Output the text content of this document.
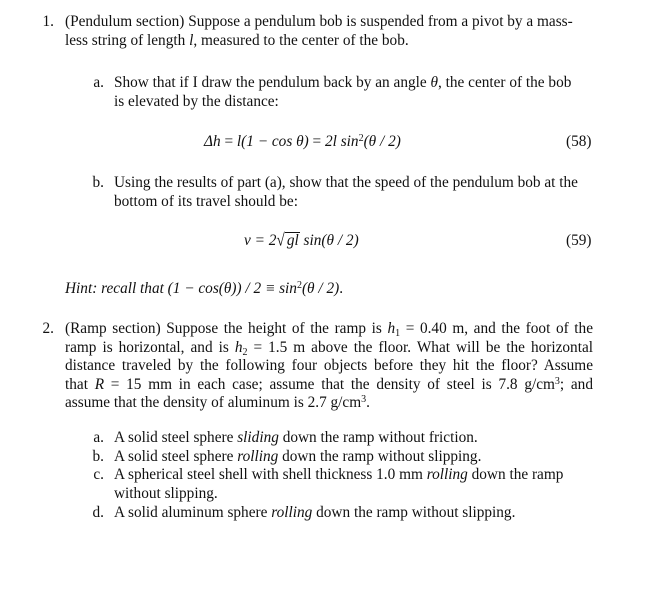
1. (Pendulum section) Suppose a pendulum bob is suspended from a pivot by a mass-
less string of length l, measured to the center of the bob.
a. Show that if I draw the pendulum back by an angle θ, the center of the bob
is elevated by the distance:
Δh = l(1 − cos θ) = 2l $\sin^2(\theta / 2)$	(58)
b. Using the results of part (a), show that the speed of the pendulum bob at the
bottom of its travel should be:
v = 2√ gl sin(θ / 2)	(59)
Hint: recall that $(1 - \cos(\theta)) / 2 \equiv \sin^2(\theta / 2)$.
2. (Ramp section) Suppose the height of the ramp is $h_1 = 0.40$ m, and the foot of the
ramp is horizontal, and is $h_2 = 1.5$ m above the floor. What will be the horizontal
distance traveled by the following four objects before they hit the floor? Assume
that R = 15 mm in each case; assume that the density of steel is 7.8 $g/cm^3$; and
assume that the density of aluminum is 2.7 $g/cm^3$.
a. A solid steel sphere sliding down the ramp without friction.
b. A solid steel sphere rolling down the ramp without slipping.
c. A spherical steel shell with shell thickness 1.0 mm rolling down the ramp
without slipping.
d. A solid aluminum sphere rolling down the ramp without slipping.
